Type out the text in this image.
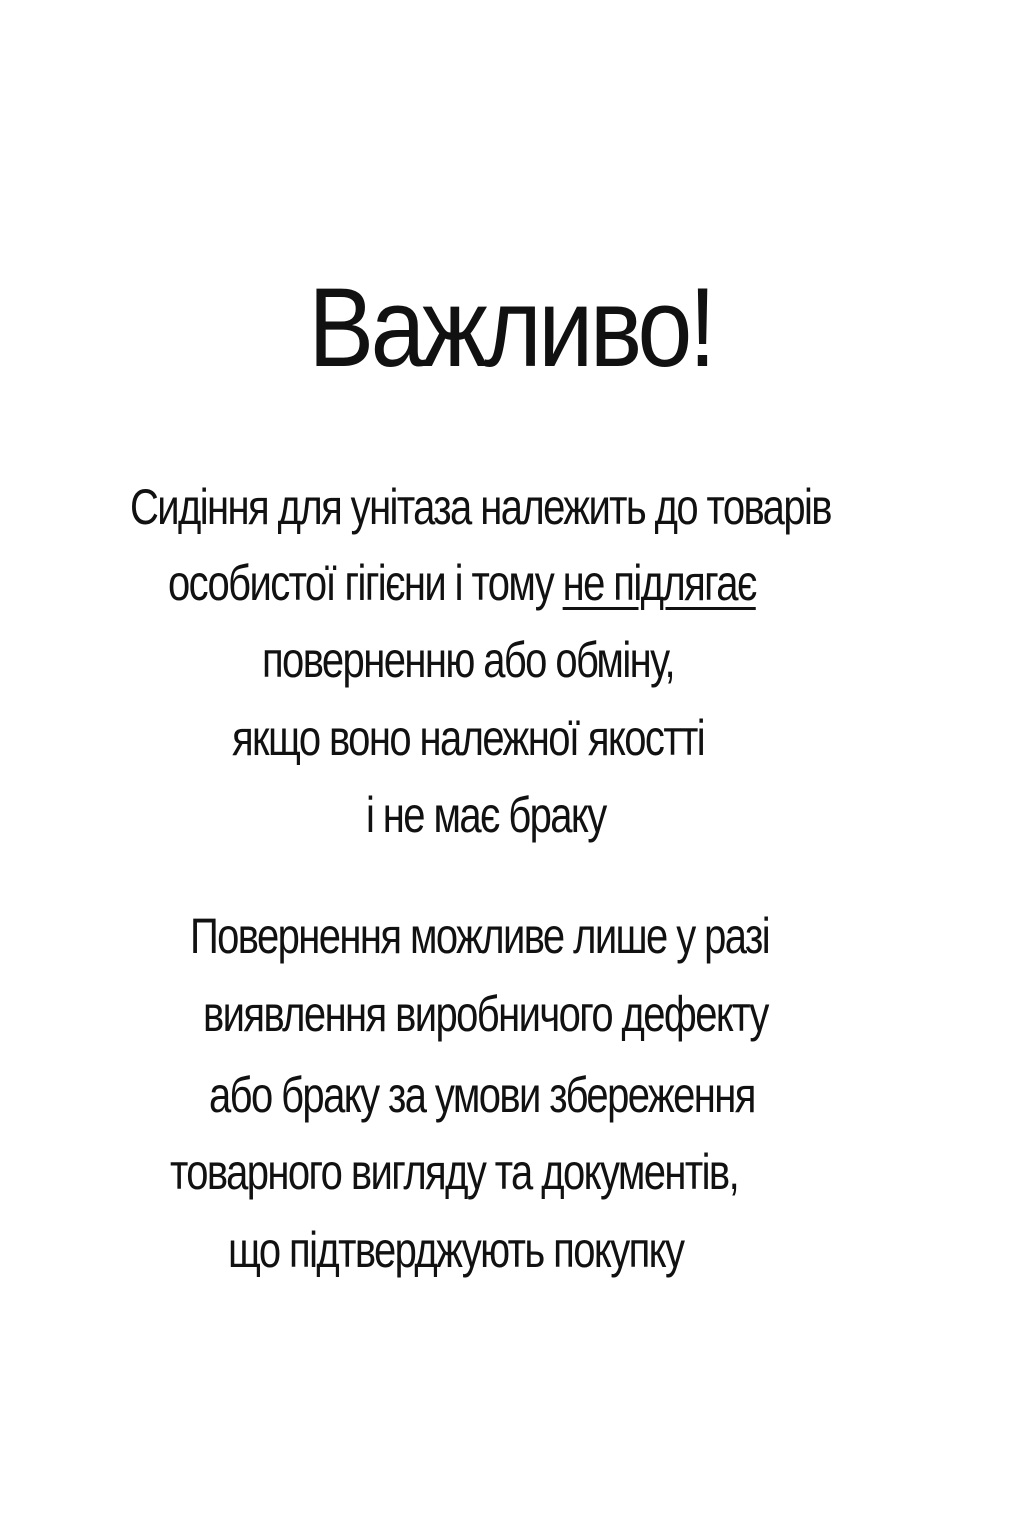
Важливо!
Сидіння для унітаза належить до товарів
особистої гігієни і тому не підлягає
поверненню або обміну,
якщо воно належної якостті
і не має браку
Повернення можливе лише у разі
виявлення виробничого дефекту
або браку за умови збереження
товарного вигляду та документів,
що підтверджують покупку
